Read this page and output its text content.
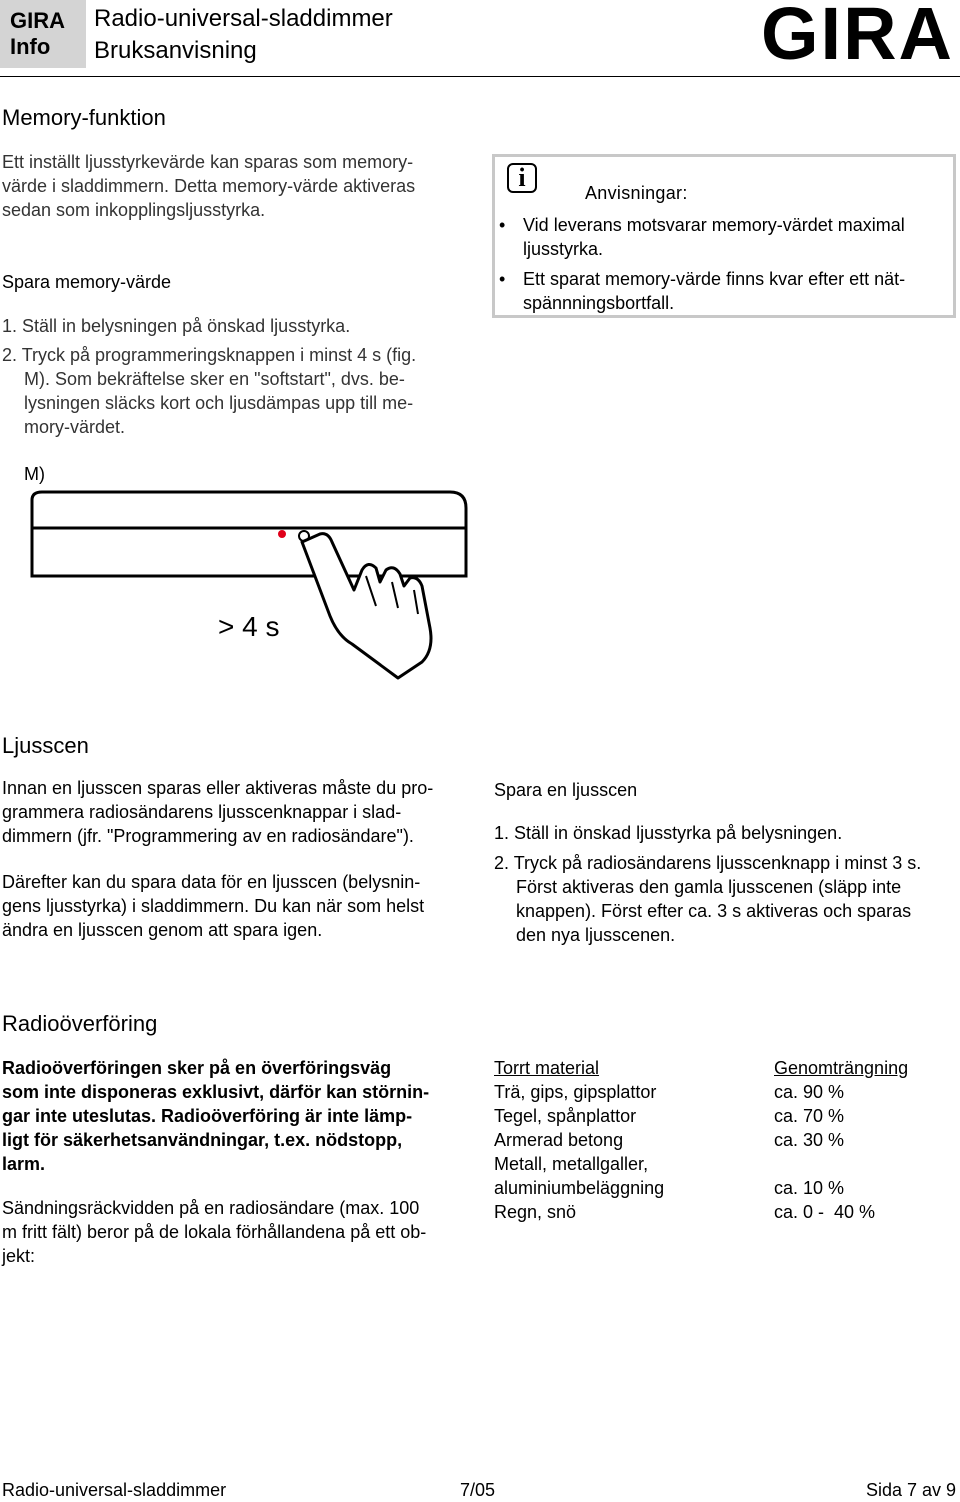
GIRA
Info
Radio-universal-sladdimmer
Bruksanvisning	GIRA
Memory-funktion
Ett inställt ljusstyrkevärde kan sparas som memory-
värde i sladdimmern. Detta memory-värde aktiveras
sedan som inkopplingsljusstyrka.
Spara memory-värde
1. Ställ in belysningen på önskad ljusstyrka.
2. Tryck på programmeringsknappen i minst 4 s (fig.
M). Som bekräftelse sker en "softstart", dvs. be-
lysningen släcks kort och ljusdämpas upp till me-
mory-värdet.
i
Anvisningar:
• Vid leverans motsvarar memory-värdet maximal
ljusstyrka.
• Ett sparat memory-värde finns kvar efter ett nät-
spännningsbortfall.
M)
> 4 s
Ljusscen
Innan en ljusscen sparas eller aktiveras måste du pro-
grammera radiosändarens ljusscenknappar i slad-
dimmern (jfr. "Programmering av en radiosändare").
Därefter kan du spara data för en ljusscen (belysnin-
gens ljusstyrka) i sladdimmern. Du kan när som helst
ändra en ljusscen genom att spara igen.
Spara en ljusscen
1. Ställ in önskad ljusstyrka på belysningen.
2. Tryck på radiosändarens ljusscenknapp i minst 3 s.
Först aktiveras den gamla ljusscenen (släpp inte
knappen). Först efter ca. 3 s aktiveras och sparas
den nya ljusscenen.
Radioöverföring
Radioöverföringen sker på en överföringsväg
som inte disponeras exklusivt, därför kan störnin-
gar inte uteslutas. Radioöverföring är inte lämp-
ligt för säkerhetsanvändningar, t.ex. nödstopp,
larm.
Sändningsräckvidden på en radiosändare (max. 100
m fritt fält) beror på de lokala förhållandena på ett ob-
jekt:
Torrt material	Genomträngning
Trä, gips, gipsplattor	ca. 90 %
Tegel, spånplattor	ca. 70 %
Armerad betong	ca. 30 %
Metall, metallgaller,
aluminiumbeläggning	ca. 10 %
Regn, snö	ca. 0 -  40 %
Radio-universal-sladdimmer	7/05	Sida 7 av 9
